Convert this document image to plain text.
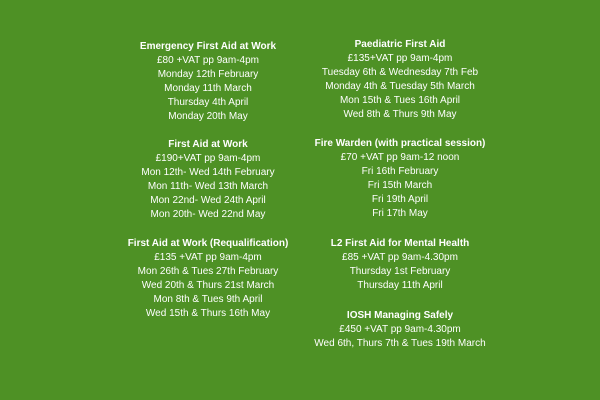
Emergency First Aid at Work
£80 +VAT pp 9am-4pm
Monday 12th February
Monday 11th March
Thursday 4th April
Monday 20th May
First Aid at Work
£190+VAT pp 9am-4pm
Mon 12th- Wed 14th February
Mon 11th- Wed 13th March
Mon 22nd- Wed 24th April
Mon 20th- Wed 22nd May
First Aid at Work (Requalification)
£135 +VAT pp 9am-4pm
Mon 26th & Tues 27th February
Wed 20th & Thurs 21st March
Mon 8th & Tues 9th April
Wed 15th & Thurs 16th May
Paediatric First Aid
£135+VAT pp 9am-4pm
Tuesday 6th & Wednesday 7th Feb
Monday 4th & Tuesday 5th March
Mon 15th & Tues 16th April
Wed 8th & Thurs 9th May
Fire Warden (with practical session)
£70 +VAT pp 9am-12 noon
Fri 16th February
Fri 15th March
Fri 19th April
Fri 17th May
L2 First Aid for Mental Health
£85 +VAT pp 9am-4.30pm
Thursday 1st February
Thursday 11th April
IOSH Managing Safely
£450 +VAT pp 9am-4.30pm
Wed 6th, Thurs 7th & Tues 19th March
